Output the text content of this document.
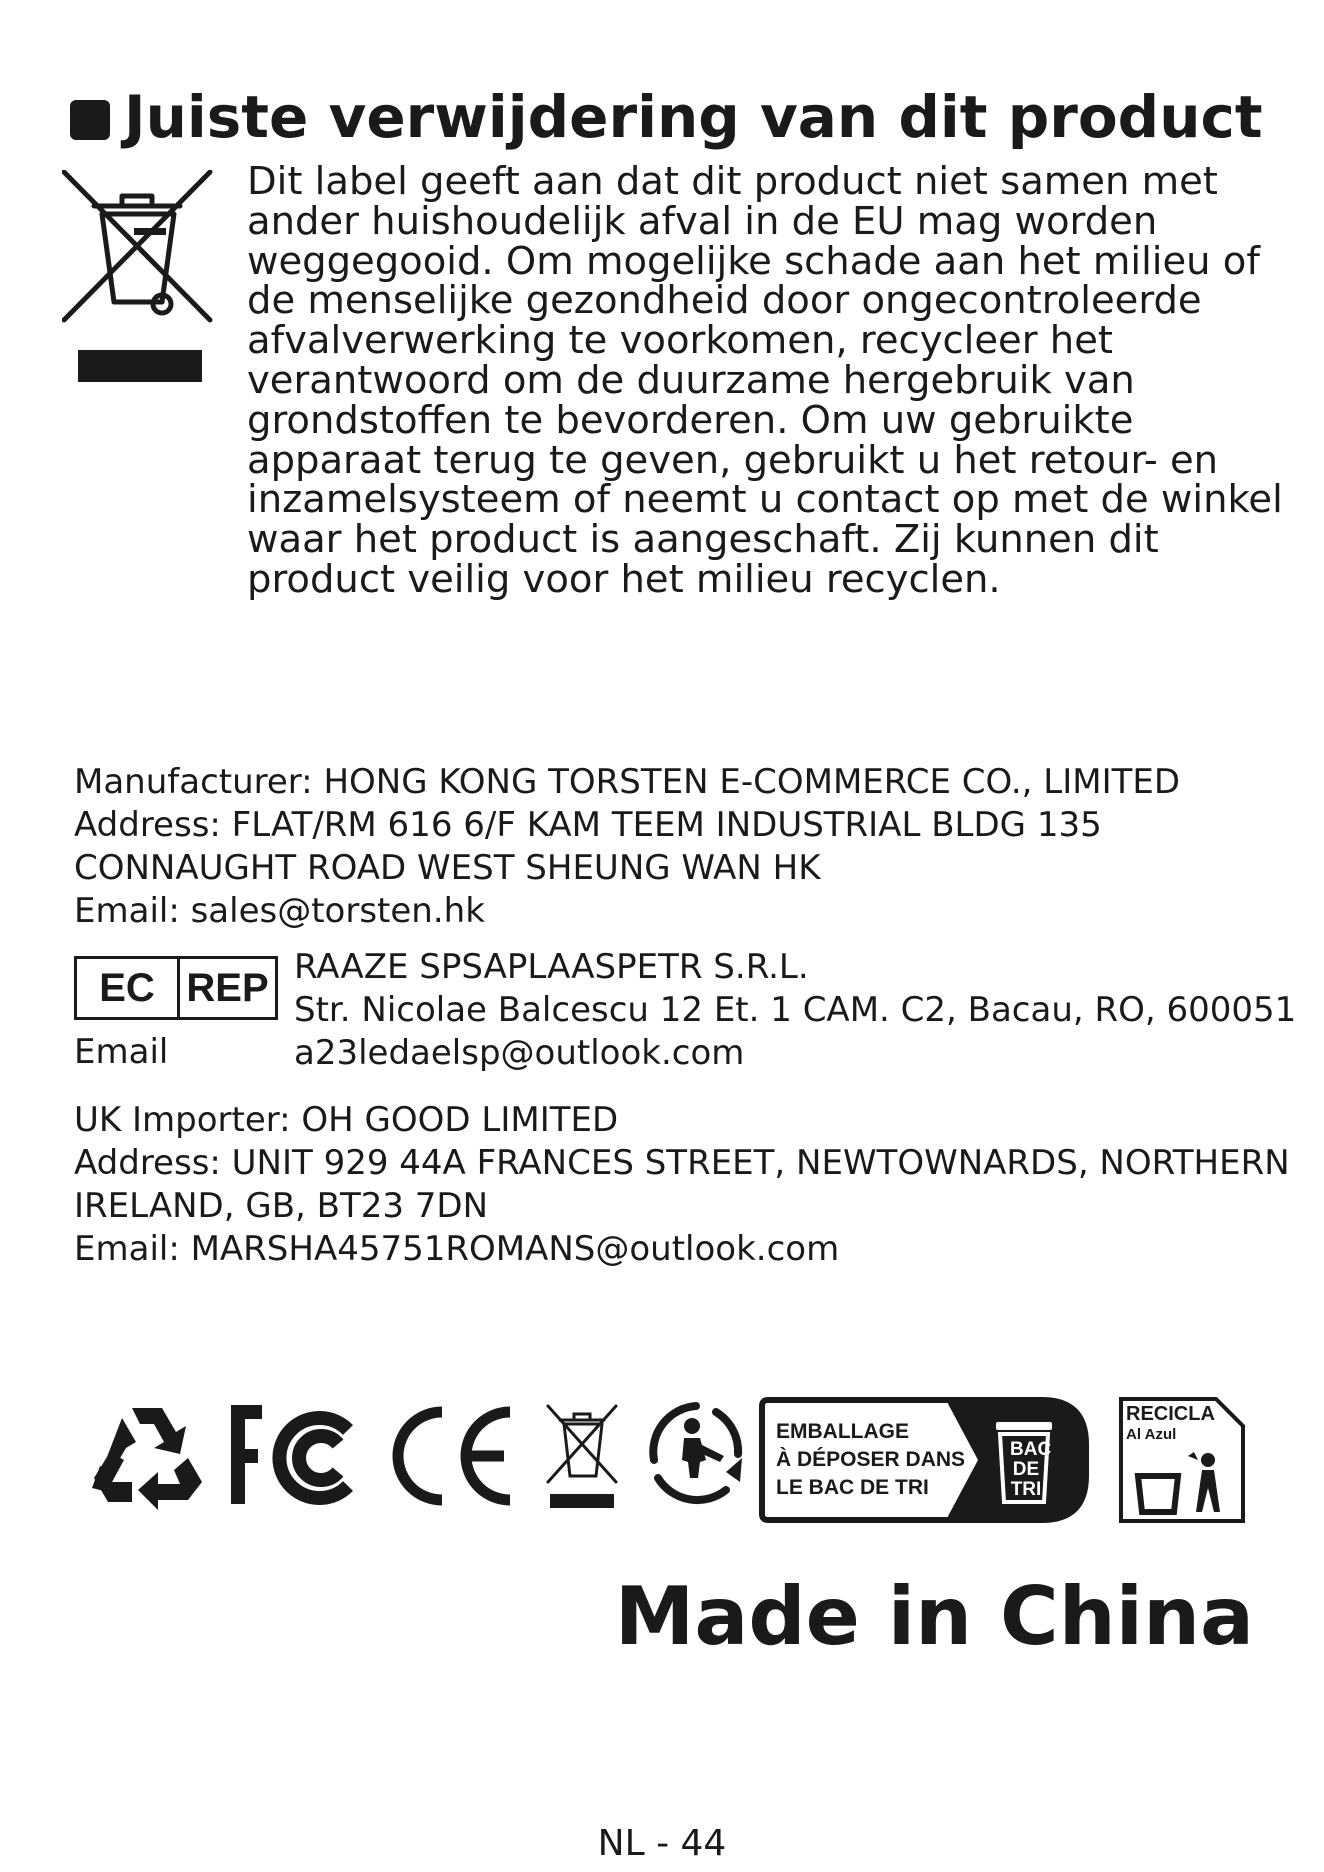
Juiste verwijdering van dit product
Dit label geeft aan dat dit product niet samen met
ander huishoudelijk afval in de EU mag worden
weggegooid. Om mogelijke schade aan het milieu of
de menselijke gezondheid door ongecontroleerde
afvalverwerking te voorkomen, recycleer het
verantwoord om de duurzame hergebruik van
grondstoffen te bevorderen. Om uw gebruikte
apparaat terug te geven, gebruikt u het retour- en
inzamelsysteem of neemt u contact op met de winkel
waar het product is aangeschaft. Zij kunnen dit
product veilig voor het milieu recyclen.
Manufacturer: HONG KONG TORSTEN E-COMMERCE CO., LIMITED
Address: FLAT/RM 616 6/F KAM TEEM INDUSTRIAL BLDG 135
CONNAUGHT ROAD WEST SHEUNG WAN HK
Email: sales@torsten.hk
EC REP
Email
RAAZE SPSAPLAASPETR S.R.L.
Str. Nicolae Balcescu 12 Et. 1 CAM. C2, Bacau, RO, 600051
a23ledaelsp@outlook.com
UK Importer: OH GOOD LIMITED
Address: UNIT 929 44A FRANCES STREET, NEWTOWNARDS, NORTHERN
IRELAND, GB, BT23 7DN
Email: MARSHA45751ROMANS@outlook.com
EMBALLAGE
À DÉPOSER DANS
LE BAC DE TRI
BAC
DE
TRI
RECICLA
Al Azul
Made in China
NL - 44
